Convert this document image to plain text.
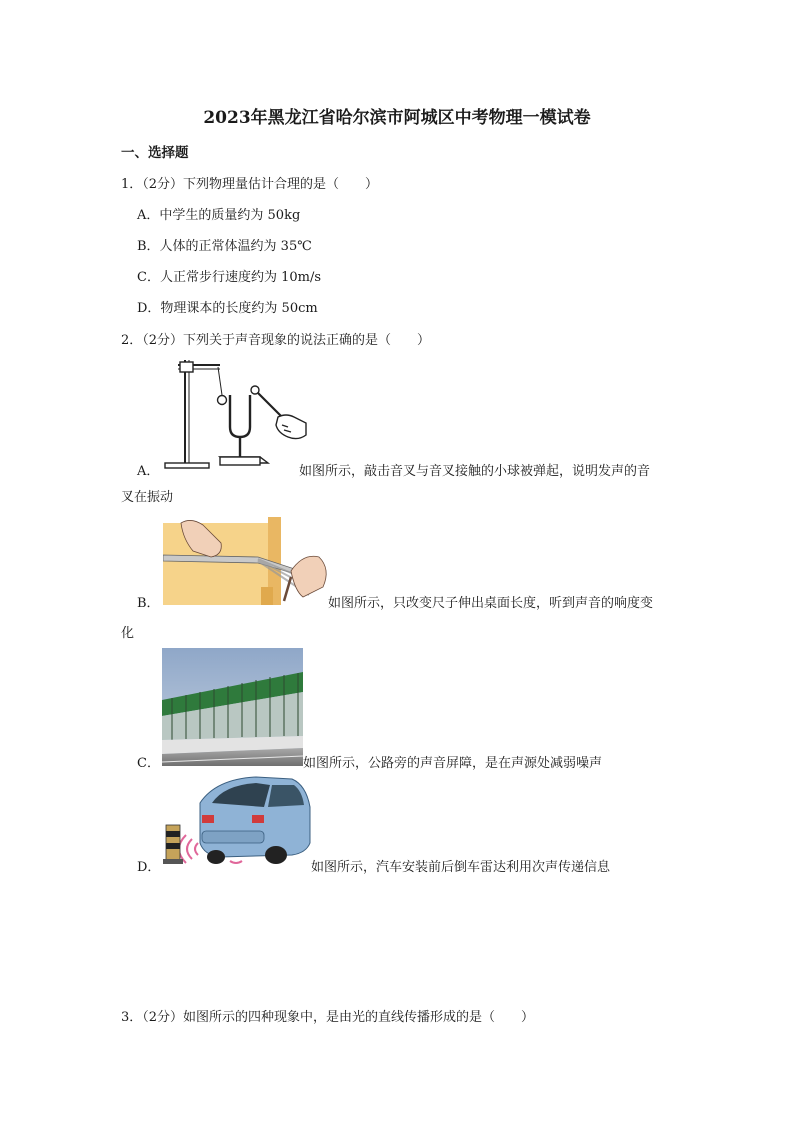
2023年黑龙江省哈尔滨市阿城区中考物理一模试卷
一、选择题
1．（2分）下列物理量估计合理的是（　　）
A．中学生的质量约为 50kg
B．人体的正常体温约为 35℃
C．人正常步行速度约为 10m/s
D．物理课本的长度约为 50cm
2．（2分）下列关于声音现象的说法正确的是（　　）
A．	如图所示，敲击音叉与音叉接触的小球被弹起，说明发声的音
叉在振动
B．	如图所示，只改变尺子伸出桌面长度，听到声音的响度变
化
C．	如图所示，公路旁的声音屏障，是在声源处减弱噪声
D．	如图所示，汽车安装前后倒车雷达利用次声传递信息
3．（2分）如图所示的四种现象中，是由光的直线传播形成的是（　　）
